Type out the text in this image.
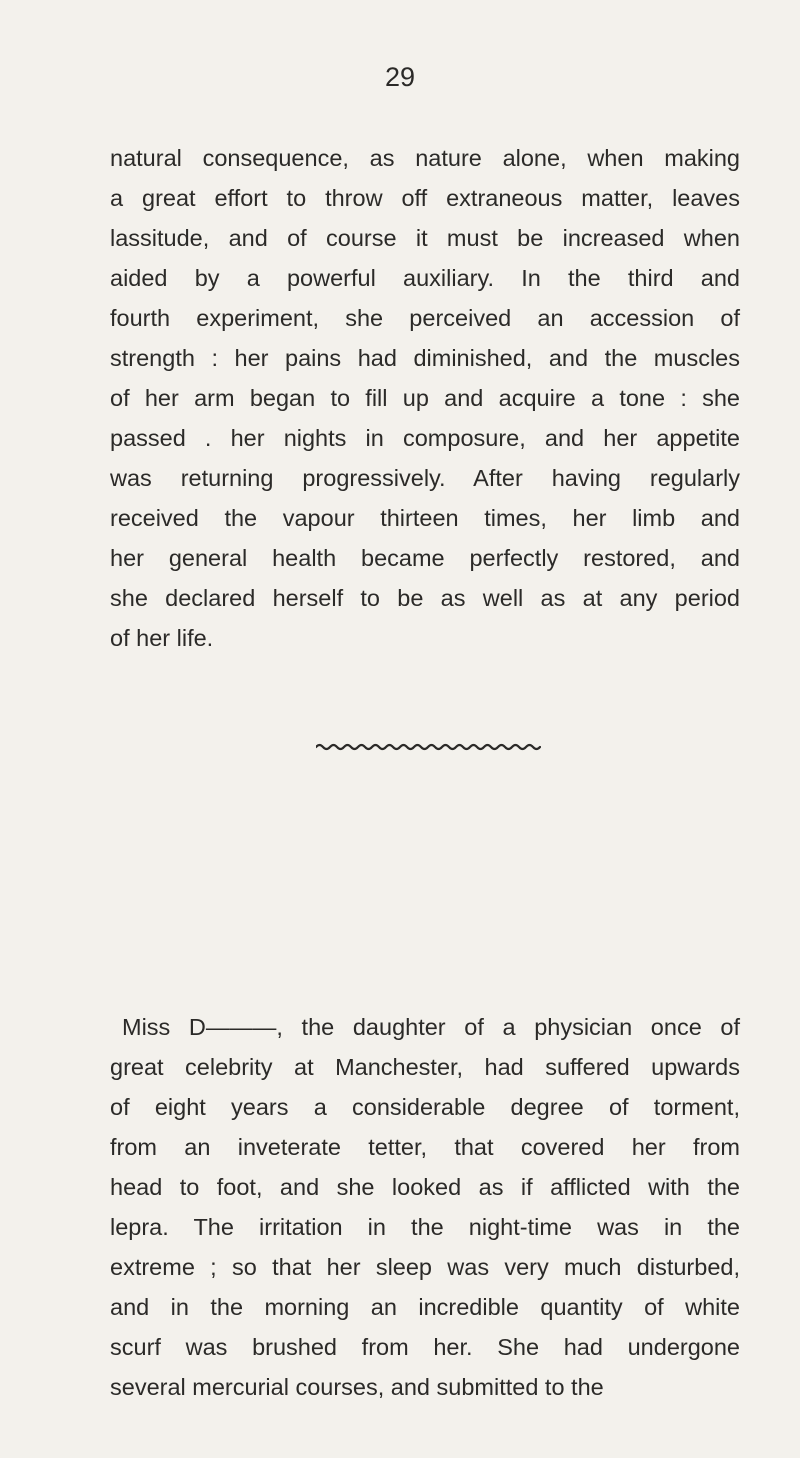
29
natural consequence, as nature alone, when making
a great effort to throw off extraneous matter, leaves
lassitude, and of course it must be increased when
aided by a powerful auxiliary. In the third and
fourth experiment, she perceived an accession of
strength : her pains had diminished, and the muscles
of her arm began to fill up and acquire a tone : she
passed . her nights in composure, and her appetite
was returning progressively. After having regularly
received the vapour thirteen times, her limb and
her general health became perfectly restored, and
she declared herself to be as well as at any period
of her life.
Miss D———, the daughter of a physician once of
great celebrity at Manchester, had suffered upwards
of eight years a considerable degree of torment,
from an inveterate tetter, that covered her from
head to foot, and she looked as if afflicted with the
lepra. The irritation in the night-time was in the
extreme ; so that her sleep was very much disturbed,
and in the morning an incredible quantity of white
scurf was brushed from her. She had undergone
several mercurial courses, and submitted to the
